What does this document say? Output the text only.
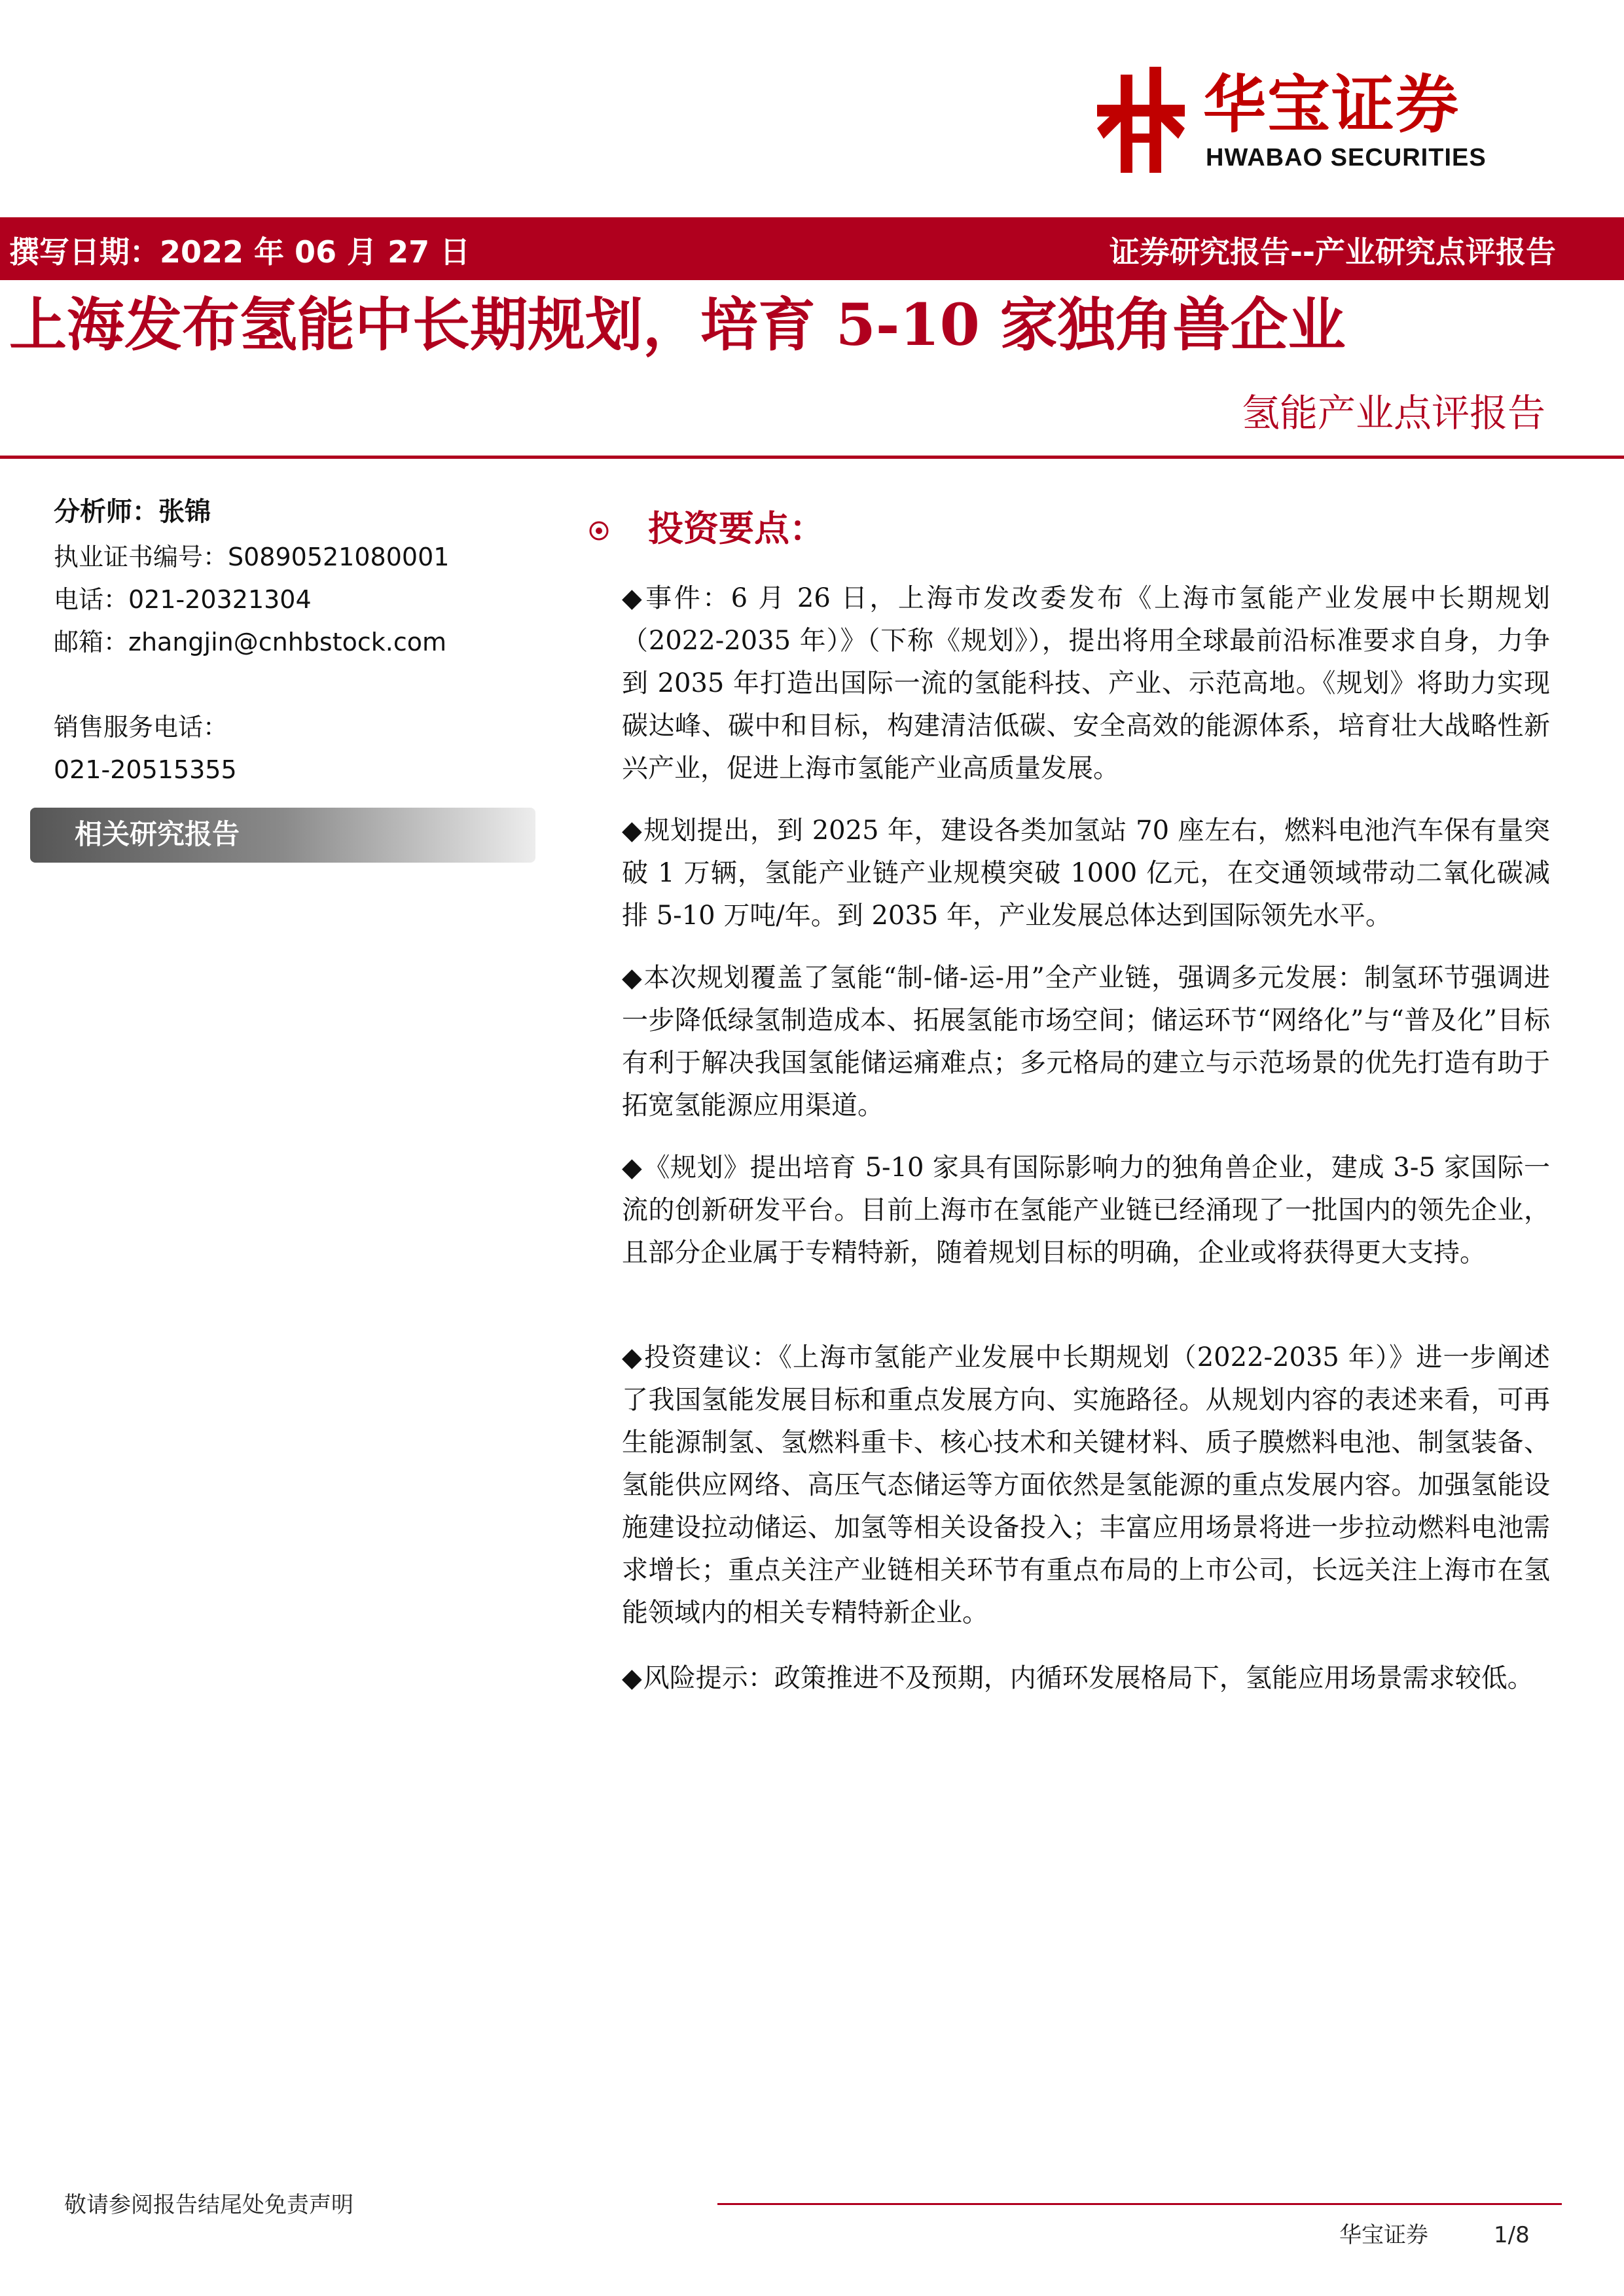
华宝证券
HWABAO SECURITIES
撰写日期：2022 年 06 月 27 日	证券研究报告--产业研究点评报告
上海发布氢能中长期规划，培育 5-10 家独角兽企业
氢能产业点评报告
分析师：张锦
执业证书编号：S0890521080001
电话：021-20321304
邮箱：zhangjin@cnhbstock.com
销售服务电话：
021-20515355
相关研究报告
投资要点：
◆事件：6 月 26 日，上海市发改委发布《上海市氢能产业发展中长期规划（2022-2035 年）》（下称《规划》），提出将用全球最前沿标准要求自身，力争到 2035 年打造出国际一流的氢能科技、产业、示范高地。《规划》将助力实现碳达峰、碳中和目标，构建清洁低碳、安全高效的能源体系，培育壮大战略性新兴产业，促进上海市氢能产业高质量发展。
◆规划提出，到 2025 年，建设各类加氢站 70 座左右，燃料电池汽车保有量突破 1 万辆，氢能产业链产业规模突破 1000 亿元，在交通领域带动二氧化碳减排 5-10 万吨/年。到 2035 年，产业发展总体达到国际领先水平。
◆本次规划覆盖了氢能“制-储-运-用”全产业链，强调多元发展：制氢环节强调进一步降低绿氢制造成本、拓展氢能市场空间；储运环节“网络化”与“普及化”目标有利于解决我国氢能储运痛难点；多元格局的建立与示范场景的优先打造有助于拓宽氢能源应用渠道。
◆《规划》提出培育 5-10 家具有国际影响力的独角兽企业，建成 3-5 家国际一流的创新研发平台。目前上海市在氢能产业链已经涌现了一批国内的领先企业，且部分企业属于专精特新，随着规划目标的明确，企业或将获得更大支持。
◆投资建议：《上海市氢能产业发展中长期规划（2022-2035 年）》进一步阐述了我国氢能发展目标和重点发展方向、实施路径。从规划内容的表述来看，可再生能源制氢、氢燃料重卡、核心技术和关键材料、质子膜燃料电池、制氢装备、氢能供应网络、高压气态储运等方面依然是氢能源的重点发展内容。加强氢能设施建设拉动储运、加氢等相关设备投入；丰富应用场景将进一步拉动燃料电池需求增长；重点关注产业链相关环节有重点布局的上市公司，长远关注上海市在氢能领域内的相关专精特新企业。
◆风险提示：政策推进不及预期，内循环发展格局下，氢能应用场景需求较低。
敬请参阅报告结尾处免责声明
华宝证券	1/8
